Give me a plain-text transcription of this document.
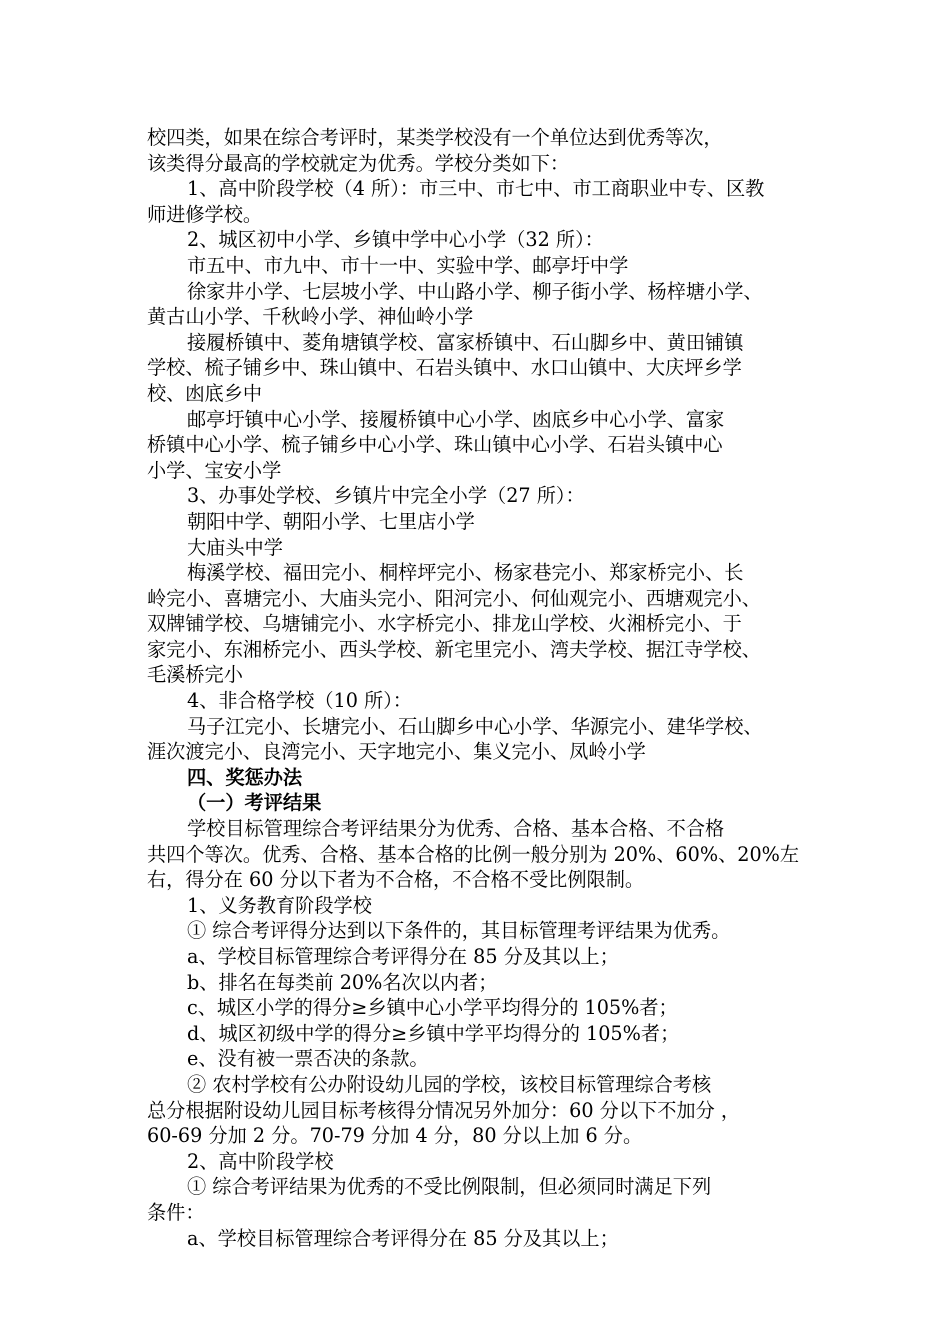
校四类，如果在综合考评时，某类学校没有一个单位达到优秀等次，
该类得分最高的学校就定为优秀。学校分类如下：
1、高中阶段学校（4 所）：市三中、市七中、市工商职业中专、区教
师进修学校。
2、城区初中小学、乡镇中学中心小学（32 所）：
市五中、市九中、市十一中、实验中学、邮亭圩中学
徐家井小学、七层坡小学、中山路小学、柳子街小学、杨梓塘小学、
黄古山小学、千秋岭小学、神仙岭小学
接履桥镇中、菱角塘镇学校、富家桥镇中、石山脚乡中、黄田铺镇
学校、梳子铺乡中、珠山镇中、石岩头镇中、水口山镇中、大庆坪乡学
校、凼底乡中
邮亭圩镇中心小学、接履桥镇中心小学、凼底乡中心小学、富家
桥镇中心小学、梳子铺乡中心小学、珠山镇中心小学、石岩头镇中心
小学、宝安小学
3、办事处学校、乡镇片中完全小学（27 所）：
朝阳中学、朝阳小学、七里店小学
大庙头中学
梅溪学校、福田完小、桐梓坪完小、杨家巷完小、郑家桥完小、长
岭完小、喜塘完小、大庙头完小、阳河完小、何仙观完小、西塘观完小、
双牌铺学校、乌塘铺完小、水字桥完小、排龙山学校、火湘桥完小、于
家完小、东湘桥完小、西头学校、新宅里完小、湾夫学校、据江寺学校、
毛溪桥完小
4、非合格学校（10 所）：
马子江完小、长塘完小、石山脚乡中心小学、华源完小、建华学校、
涯次渡完小、良湾完小、天字地完小、集义完小、凤岭小学
四、奖惩办法
（一）考评结果
学校目标管理综合考评结果分为优秀、合格、基本合格、不合格
共四个等次。优秀、合格、基本合格的比例一般分别为 20%、60%、20%左
右，得分在 60 分以下者为不合格，不合格不受比例限制。
1、义务教育阶段学校
① 综合考评得分达到以下条件的，其目标管理考评结果为优秀。
a、学校目标管理综合考评得分在 85 分及其以上；
b、排名在每类前 20%名次以内者；
c、城区小学的得分≥乡镇中心小学平均得分的 105%者；
d、城区初级中学的得分≥乡镇中学平均得分的 105%者；
e、没有被一票否决的条款。
② 农村学校有公办附设幼儿园的学校，该校目标管理综合考核
总分根据附设幼儿园目标考核得分情况另外加分：60 分以下不加分 ，
60-69 分加 2 分。70-79 分加 4 分，80 分以上加 6 分。
2、高中阶段学校
① 综合考评结果为优秀的不受比例限制，但必须同时满足下列
条件：
a、学校目标管理综合考评得分在 85 分及其以上；
